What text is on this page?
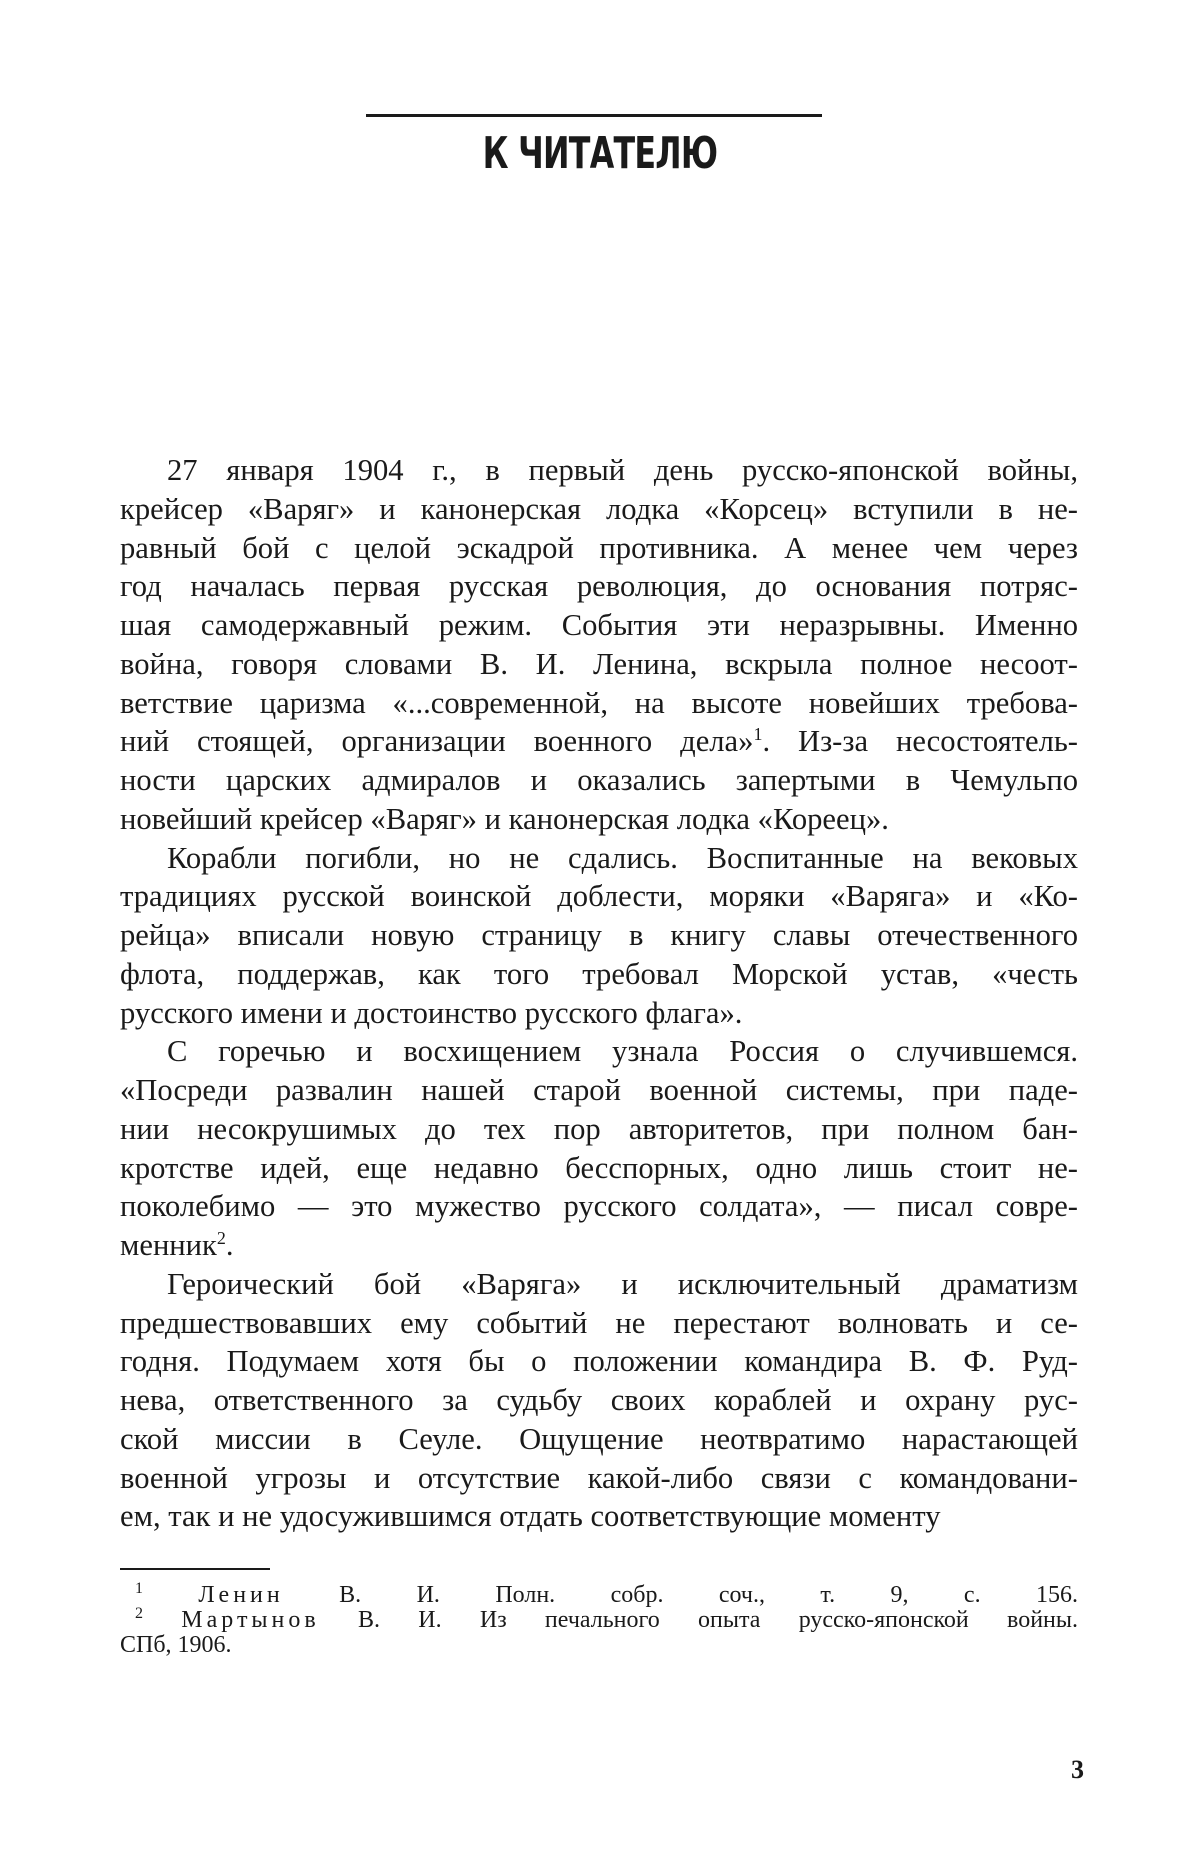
К ЧИТАТЕЛЮ
27 января 1904 г., в первый день русско-японской войны,
крейсер «Варяг» и канонерская лодка «Корсец» вступили в не-
равный бой с целой эскадрой противника. А менее чем через
год началась первая русская революция, до основания потряс-
шая самодержавный режим. События эти неразрывны. Именно
война, говоря словами В. И. Ленина, вскрыла полное несоот-
ветствие царизма «...современной, на высоте новейших требова-
ний стоящей, организации военного дела»$^1$. Из-за несостоятель-
ности царских адмиралов и оказались запертыми в Чемульпо
новейший крейсер «Варяг» и канонерская лодка «Кореец».
Корабли погибли, но не сдались. Воспитанные на вековых
традициях русской воинской доблести, моряки «Варяга» и «Ко-
рейца» вписали новую страницу в книгу славы отечественного
флота, поддержав, как того требовал Морской устав, «честь
русского имени и достоинство русского флага».
С горечью и восхищением узнала Россия о случившемся.
«Посреди развалин нашей старой военной системы, при паде-
нии несокрушимых до тех пор авторитетов, при полном бан-
кротстве идей, еще недавно бесспорных, одно лишь стоит не-
поколебимо — это мужество русского солдата», — писал совре-
менник$^2$.
Героический бой «Варяга» и исключительный драматизм
предшествовавших ему событий не перестают волновать и се-
годня. Подумаем хотя бы о положении командира В. Ф. Руд-
нева, ответственного за судьбу своих кораблей и охрану рус-
ской миссии в Сеуле. Ощущение неотвратимо нарастающей
военной угрозы и отсутствие какой-либо связи с командовани-
ем, так и не удосужившимся отдать соответствующие моменту
$^1$ Ленин В. И. Полн. собр. соч., т. 9, с. 156.
$^2$ Мартынов В. И. Из печального опыта русско-японской войны.
СПб, 1906.
3
